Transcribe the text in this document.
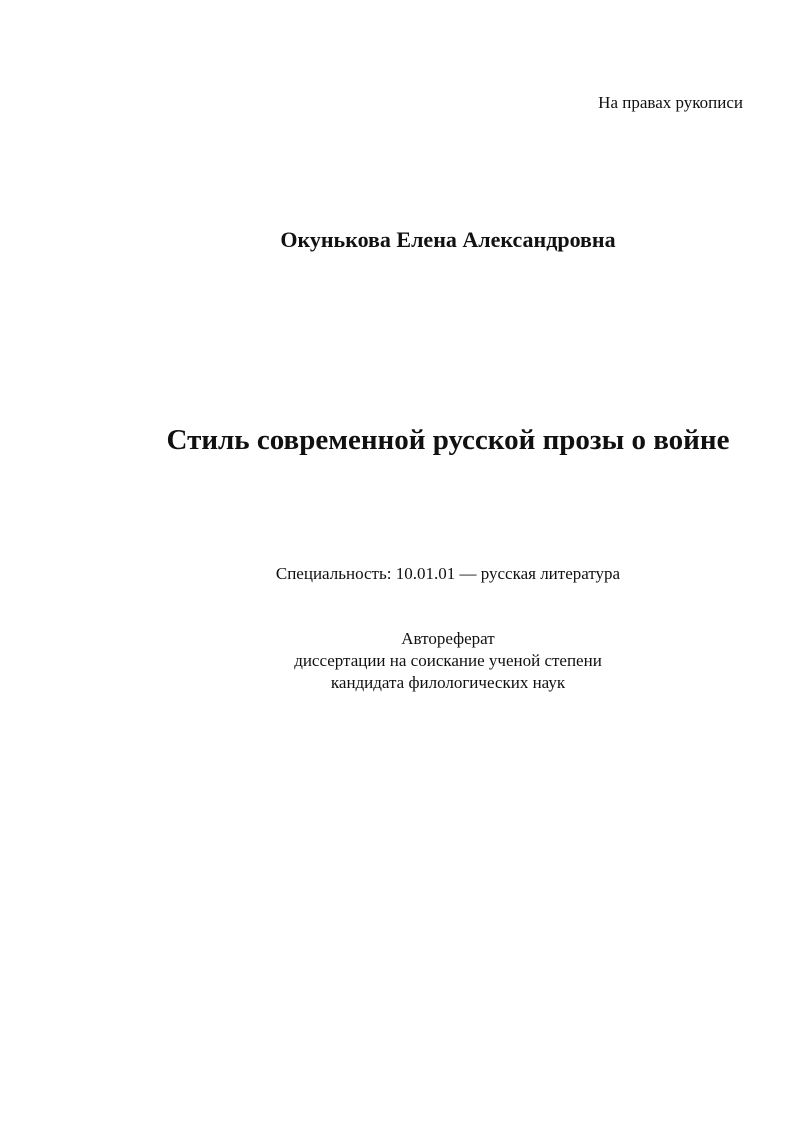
На правах рукописи

Окунькова Елена Александровна

Стиль современной русской прозы о войне

Специальность: 10.01.01 — русская литература

Автореферат
диссертации на соискание ученой степени
кандидата филологических наук
